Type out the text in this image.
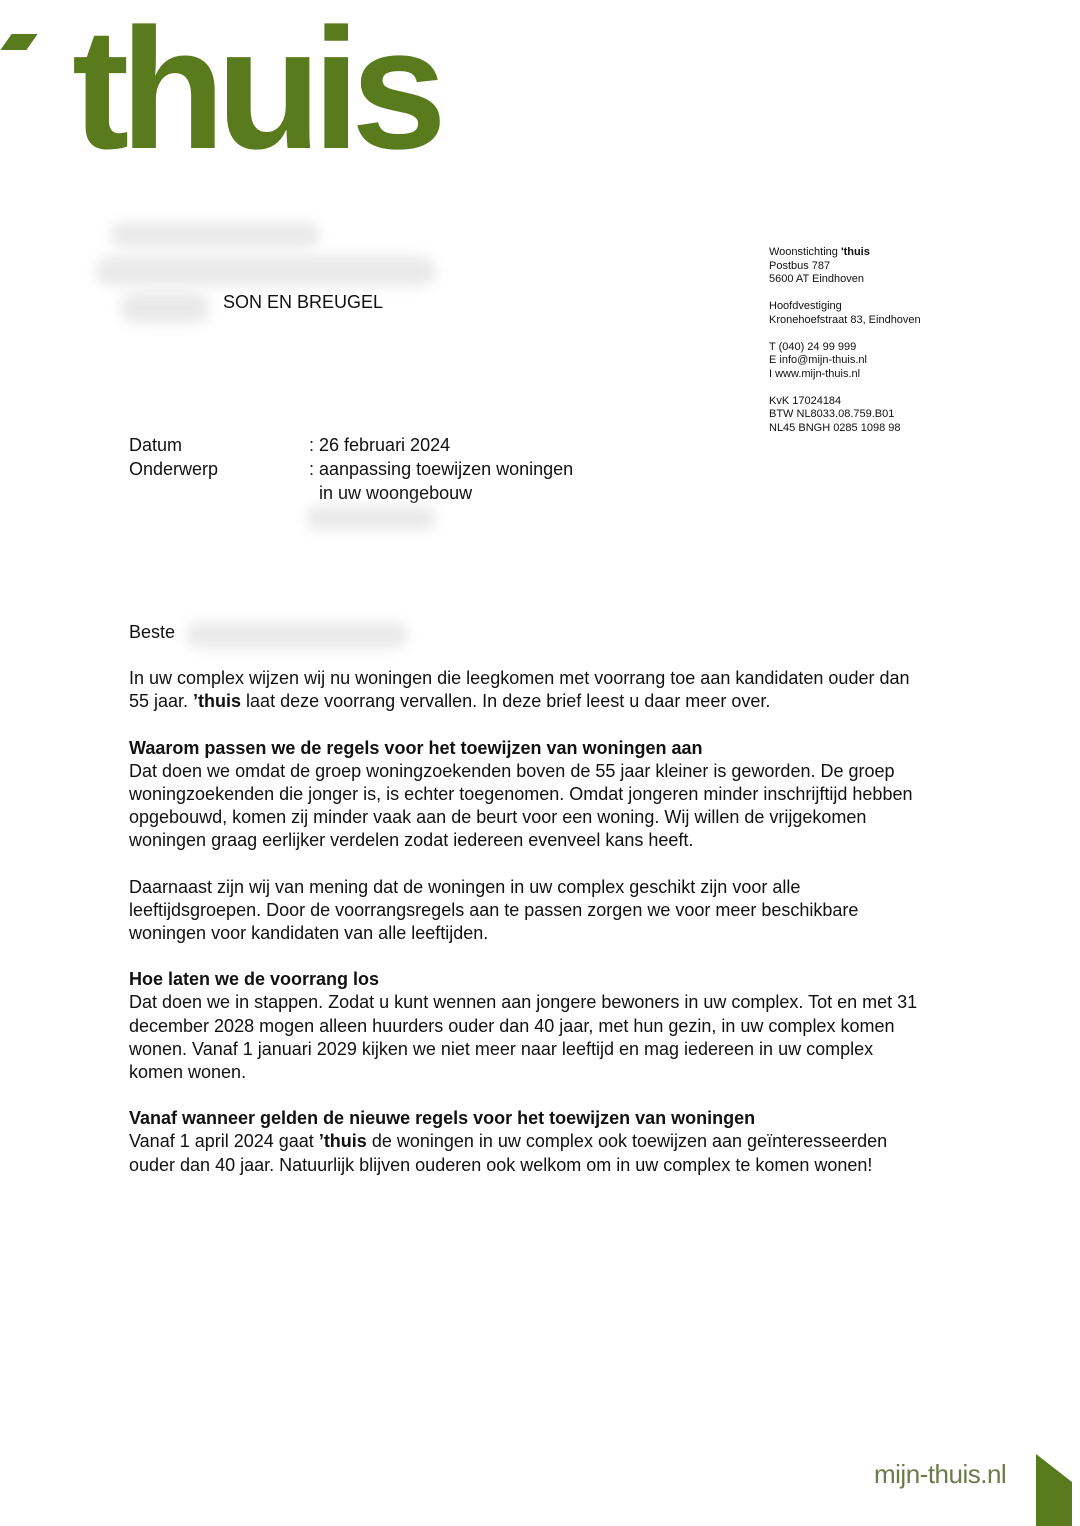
thuis
SON EN BREUGEL
Woonstichting 'thuis
Postbus 787
5600 AT Eindhoven
Hoofdvestiging
Kronehoefstraat 83, Eindhoven
T (040) 24 99 999
E info@mijn-thuis.nl
I www.mijn-thuis.nl
KvK 17024184
BTW NL8033.08.759.B01
NL45 BNGH 0285 1098 98
Datum	: 26 februari 2024
Onderwerp	: aanpassing toewijzen woningen
in uw woongebouw

Beste

In uw complex wijzen wij nu woningen die leegkomen met voorrang toe aan kandidaten ouder dan 55 jaar. ’thuis laat deze voorrang vervallen. In deze brief leest u daar meer over.

Waarom passen we de regels voor het toewijzen van woningen aan
Dat doen we omdat de groep woningzoekenden boven de 55 jaar kleiner is geworden. De groep woningzoekenden die jonger is, is echter toegenomen. Omdat jongeren minder inschrijftijd hebben opgebouwd, komen zij minder vaak aan de beurt voor een woning. Wij willen de vrijgekomen woningen graag eerlijker verdelen zodat iedereen evenveel kans heeft.

Daarnaast zijn wij van mening dat de woningen in uw complex geschikt zijn voor alle leeftijdsgroepen. Door de voorrangsregels aan te passen zorgen we voor meer beschikbare woningen voor kandidaten van alle leeftijden.

Hoe laten we de voorrang los
Dat doen we in stappen. Zodat u kunt wennen aan jongere bewoners in uw complex. Tot en met 31 december 2028 mogen alleen huurders ouder dan 40 jaar, met hun gezin, in uw complex komen wonen. Vanaf 1 januari 2029 kijken we niet meer naar leeftijd en mag iedereen in uw complex komen wonen.
Vanaf wanneer gelden de nieuwe regels voor het toewijzen van woningen
Vanaf 1 april 2024 gaat ’thuis de woningen in uw complex ook toewijzen aan geïnteresseerden ouder dan 40 jaar. Natuurlijk blijven ouderen ook welkom om in uw complex te komen wonen!
mijn-thuis.nl
